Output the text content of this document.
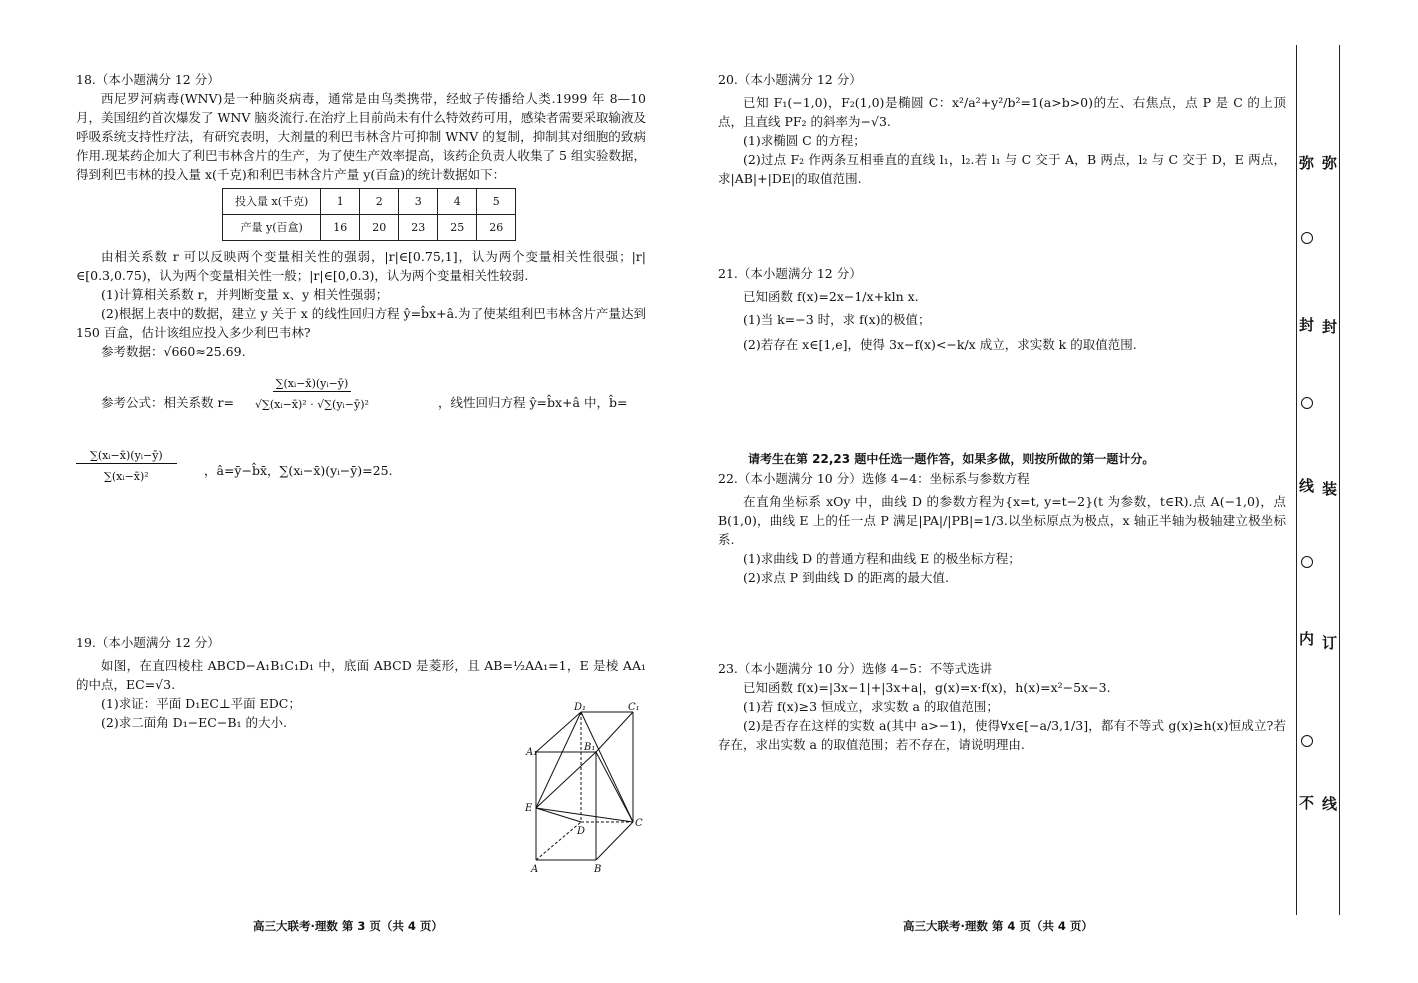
18.（本小题满分 12 分）

西尼罗河病毒(WNV)是一种脑炎病毒，通常是由鸟类携带，经蚊子传播给人类.1999 年 8—10 月，美国纽约首次爆发了 WNV 脑炎流行.在治疗上目前尚未有什么特效药可用，感染者需要采取输液及呼吸系统支持性疗法，有研究表明，大剂量的利巴韦林含片可抑制 WNV 的复制，抑制其对细胞的致病作用.现某药企加大了利巴韦林含片的生产，为了使生产效率提高，该药企负责人收集了 5 组实验数据，得到利巴韦林的投入量 x(千克)和利巴韦林含片产量 y(百盒)的统计数据如下：

投入量 x(千克)	1	2	3	4	5
产量 y(百盒)	16	20	23	25	26

由相关系数 r 可以反映两个变量相关性的强弱，|r|∈[0.75,1]，认为两个变量相关性很强；|r|∈[0.3,0.75)，认为两个变量相关性一般；|r|∈[0,0.3)，认为两个变量相关性较弱.

(1)计算相关系数 r，并判断变量 x、y 相关性强弱；

(2)根据上表中的数据，建立 y 关于 x 的线性回归方程 ŷ=b̂x+â.为了使某组利巴韦林含片产量达到 150 百盒，估计该组应投入多少利巴韦林?

参考数据：√660≈25.69.

参考公式：相关系数 $r= \frac{\text{∑(xᵢ−x̄)(yᵢ−ȳ)}}{\text{√∑(xᵢ−x̄)² · √∑(yᵢ−ȳ)²}}$	，线性回归方程 ŷ=b̂x+â 中，b̂=
$\frac{\text{∑(xᵢ−x̄)(yᵢ−ȳ)}}{\text{∑(xᵢ−x̄)²}}$ ，â=ȳ−b̂x̄，∑(xᵢ−x̄)(yᵢ−ȳ)=25.

19.（本小题满分 12 分）

如图，在直四棱柱 ABCD−A₁B₁C₁D₁ 中，底面 ABCD 是菱形，且 AB=½AA₁=1，E 是棱 AA₁ 的中点，EC=√3.

(1)求证：平面 D₁EC⊥平面 EDC；

(2)求二面角 D₁−EC−B₁ 的大小.

D₁	C₁
A₁	B₁
E
D
C
A	B

20.（本小题满分 12 分）

已知 F₁(−1,0)，F₂(1,0)是椭圆 C：x²/a²+y²/b²=1(a>b>0)的左、右焦点，点 P 是 C 的上顶点，且直线 PF₂ 的斜率为−√3.

(1)求椭圆 C 的方程；

(2)过点 F₂ 作两条互相垂直的直线 l₁，l₂.若 l₁ 与 C 交于 A，B 两点，l₂ 与 C 交于 D，E 两点，求|AB|+|DE|的取值范围.

21.（本小题满分 12 分）

已知函数 f(x)=2x−1/x+kln x.

(1)当 k=−3 时，求 f(x)的极值；

(2)若存在 x∈[1,e]，使得 3x−f(x)<−k/x 成立，求实数 k 的取值范围.

请考生在第 22,23 题中任选一题作答，如果多做，则按所做的第一题计分。

22.（本小题满分 10 分）选修 4−4：坐标系与参数方程

在直角坐标系 xOy 中，曲线 D 的参数方程为{x=t, y=t−2}(t 为参数，t∈R).点 A(−1,0)，点 B(1,0)，曲线 E 上的任一点 P 满足|PA|/|PB|=1/3.以坐标原点为极点，x 轴正半轴为极轴建立极坐标系.

(1)求曲线 D 的普通方程和曲线 E 的极坐标方程；

(2)求点 P 到曲线 D 的距离的最大值.

23.（本小题满分 10 分）选修 4−5：不等式选讲

已知函数 f(x)=|3x−1|+|3x+a|，g(x)=x·f(x)，h(x)=x²−5x−3.

(1)若 f(x)≥3 恒成立，求实数 a 的取值范围；

(2)是否存在这样的实数 a(其中 a>−1)，使得∀x∈[−a/3,1/3]，都有不等式 g(x)≥h(x)恒成立?若存在，求出实数 a 的取值范围；若不存在，请说明理由.

高三大联考·理数 第 3 页（共 4 页）	高三大联考·理数 第 4 页（共 4 页）
弥
封
线
内
不
弥
封
装
订
线
